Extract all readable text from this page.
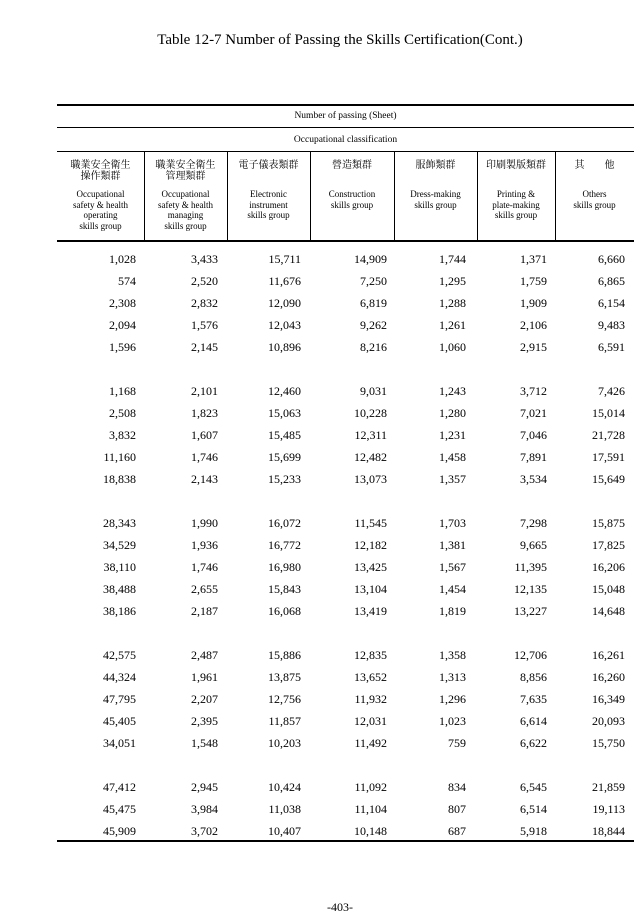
Table 12-7 Number of Passing the Skills Certification(Cont.)
Number of passing (Sheet)
Occupational classification
職業安全衛生
操作類群
Occupational
safety & health
operating
skills group
職業安全衛生
管理類群
Occupational
safety & health
managing
skills group
電子儀表類群
Electronic
instrument
skills group
營造類群
Construction
skills group
服飾類群
Dress-making
skills group
印刷製版類群
Printing &
plate-making
skills group
其　　他
Others
skills group
1,028	3,433	15,711	14,909	1,744	1,371	6,660
574	2,520	11,676	7,250	1,295	1,759	6,865
2,308	2,832	12,090	6,819	1,288	1,909	6,154
2,094	1,576	12,043	9,262	1,261	2,106	9,483
1,596	2,145	10,896	8,216	1,060	2,915	6,591
1,168	2,101	12,460	9,031	1,243	3,712	7,426
2,508	1,823	15,063	10,228	1,280	7,021	15,014
3,832	1,607	15,485	12,311	1,231	7,046	21,728
11,160	1,746	15,699	12,482	1,458	7,891	17,591
18,838	2,143	15,233	13,073	1,357	3,534	15,649
28,343	1,990	16,072	11,545	1,703	7,298	15,875
34,529	1,936	16,772	12,182	1,381	9,665	17,825
38,110	1,746	16,980	13,425	1,567	11,395	16,206
38,488	2,655	15,843	13,104	1,454	12,135	15,048
38,186	2,187	16,068	13,419	1,819	13,227	14,648
42,575	2,487	15,886	12,835	1,358	12,706	16,261
44,324	1,961	13,875	13,652	1,313	8,856	16,260
47,795	2,207	12,756	11,932	1,296	7,635	16,349
45,405	2,395	11,857	12,031	1,023	6,614	20,093
34,051	1,548	10,203	11,492	759	6,622	15,750
47,412	2,945	10,424	11,092	834	6,545	21,859
45,475	3,984	11,038	11,104	807	6,514	19,113
45,909	3,702	10,407	10,148	687	5,918	18,844
-403-
